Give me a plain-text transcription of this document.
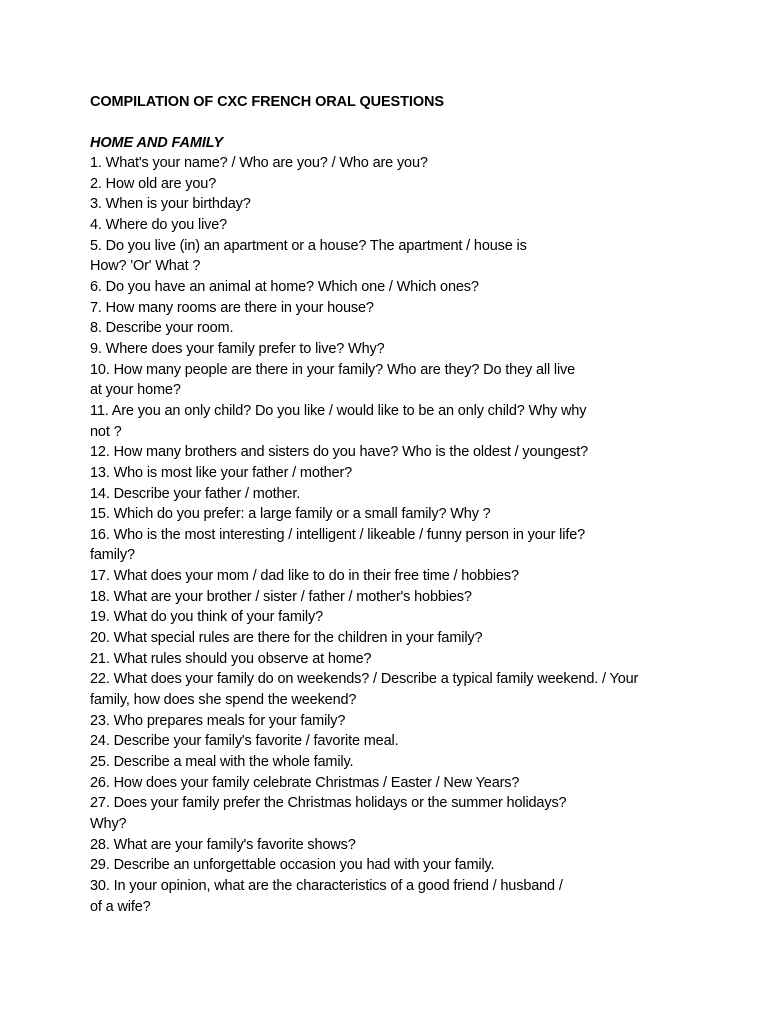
COMPILATION OF CXC FRENCH ORAL QUESTIONS
HOME AND FAMILY
1. What's your name? / Who are you? / Who are you?
2. How old are you?
3. When is your birthday?
4. Where do you live?
5. Do you live (in) an apartment or a house? The apartment / house is
How? 'Or' What ?
6. Do you have an animal at home? Which one / Which ones?
7. How many rooms are there in your house?
8. Describe your room.
9. Where does your family prefer to live? Why?
10. How many people are there in your family? Who are they? Do they all live
at your home?
11. Are you an only child? Do you like / would like to be an only child? Why why
not ?
12. How many brothers and sisters do you have? Who is the oldest / youngest?
13. Who is most like your father / mother?
14. Describe your father / mother.
15. Which do you prefer: a large family or a small family? Why ?
16. Who is the most interesting / intelligent / likeable / funny person in your life?
family?
17. What does your mom / dad like to do in their free time / hobbies?
18. What are your brother / sister / father / mother's hobbies?
19. What do you think of your family?
20. What special rules are there for the children in your family?
21. What rules should you observe at home?
22. What does your family do on weekends? / Describe a typical family weekend. / Your
family, how does she spend the weekend?
23. Who prepares meals for your family?
24. Describe your family's favorite / favorite meal.
25. Describe a meal with the whole family.
26. How does your family celebrate Christmas / Easter / New Years?
27. Does your family prefer the Christmas holidays or the summer holidays?
Why?
28. What are your family's favorite shows?
29. Describe an unforgettable occasion you had with your family.
30. In your opinion, what are the characteristics of a good friend / husband /
of a wife?
